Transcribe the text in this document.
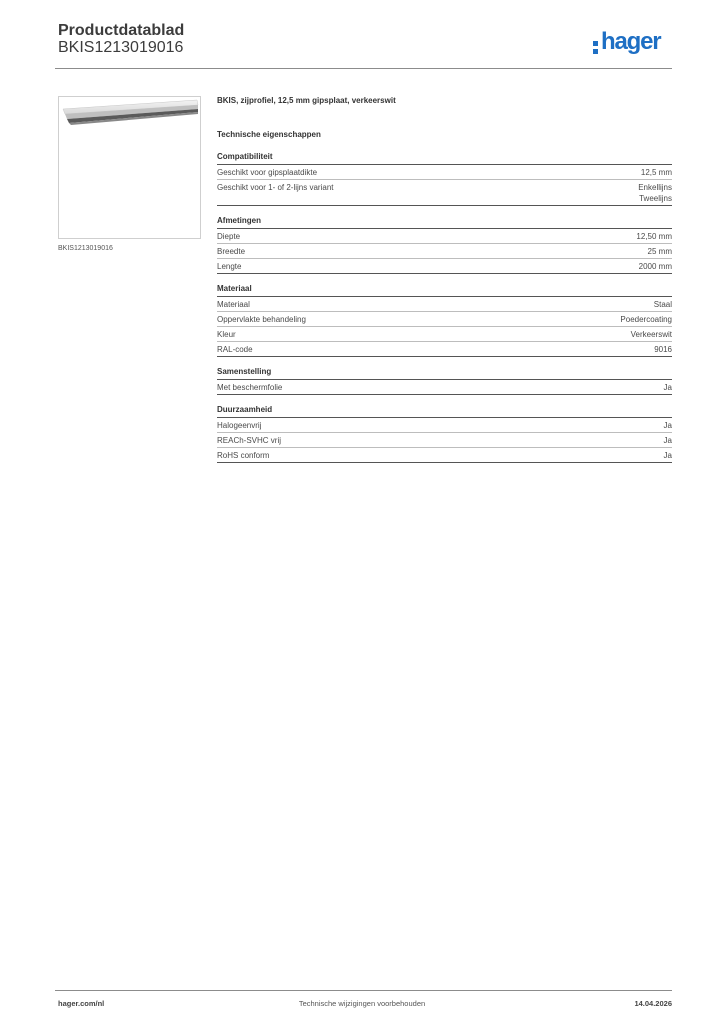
Productdatablad
BKIS1213019016	hager
BKIS1213019016
BKIS, zijprofiel, 12,5 mm gipsplaat, verkeerswit
Technische eigenschappen
Compatibiliteit
Geschikt voor gipsplaatdikte	12,5 mm
Geschikt voor 1- of 2-lijns variant	Enkellijns
Tweelijns
Afmetingen
Diepte	12,50 mm
Breedte	25 mm
Lengte	2000 mm
Materiaal
Materiaal	Staal
Oppervlakte behandeling	Poedercoating
Kleur	Verkeerswit
RAL-code	9016
Samenstelling
Met beschermfolie	Ja
Duurzaamheid
Halogeenvrij	Ja
REACh-SVHC vrij	Ja
RoHS conform	Ja
hager.com/nl	Technische wijzigingen voorbehouden	14.04.2026
